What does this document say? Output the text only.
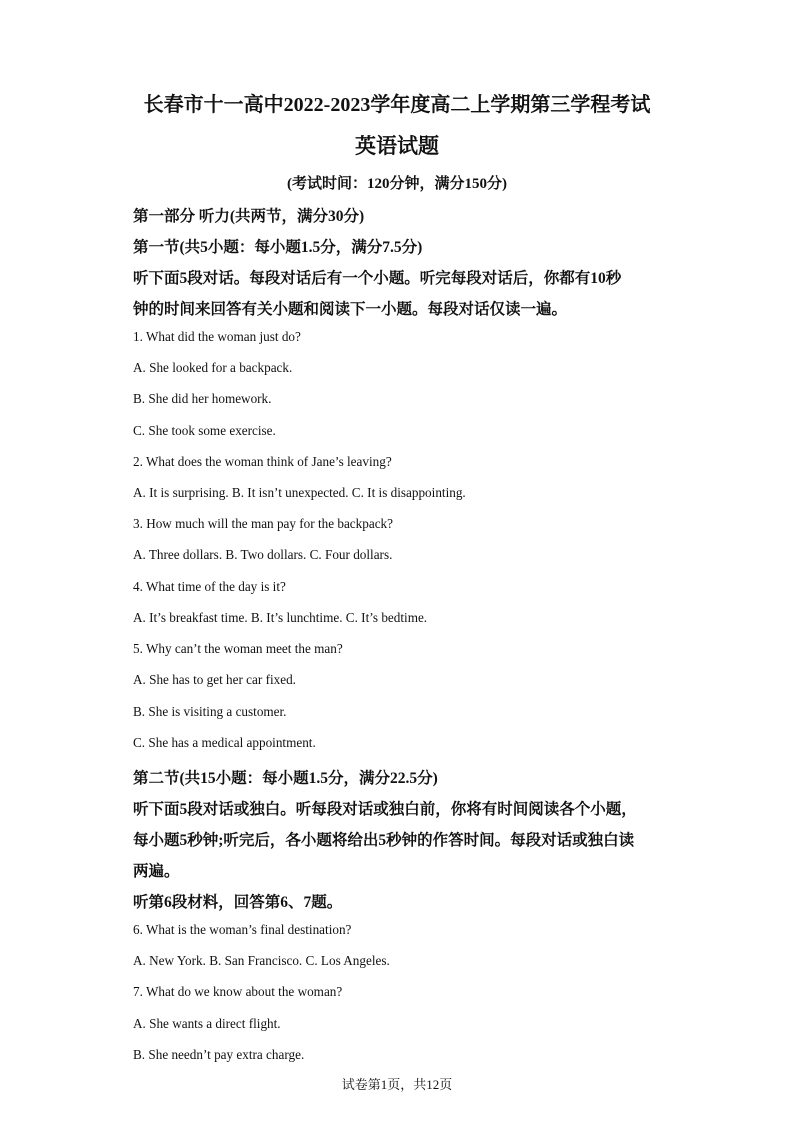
长春市十一高中2022-2023学年度高二上学期第三学程考试
英语试题
(考试时间：120分钟，满分150分)
第一部分 听力(共两节，满分30分)
第一节(共5小题：每小题1.5分，满分7.5分)
听下面5段对话。每段对话后有一个小题。听完每段对话后，你都有10秒
钟的时间来回答有关小题和阅读下一小题。每段对话仅读一遍。
1. What did the woman just do?
A. She looked for a backpack.
B. She did her homework.
C. She took some exercise.
2. What does the woman think of Jane’s leaving?
A. It is surprising. B. It isn’t unexpected. C. It is disappointing.
3. How much will the man pay for the backpack?
A. Three dollars. B. Two dollars. C. Four dollars.
4. What time of the day is it?
A. It’s breakfast time. B. It’s lunchtime. C. It’s bedtime.
5. Why can’t the woman meet the man?
A. She has to get her car fixed.
B. She is visiting a customer.
C. She has a medical appointment.
第二节(共15小题：每小题1.5分，满分22.5分)
听下面5段对话或独白。听每段对话或独白前，你将有时间阅读各个小题，
每小题5秒钟;听完后，各小题将给出5秒钟的作答时间。每段对话或独白读
两遍。
听第6段材料，回答第6、7题。
6. What is the woman’s final destination?
A. New York. B. San Francisco. C. Los Angeles.
7. What do we know about the woman?
A. She wants a direct flight.
B. She needn’t pay extra charge.
试卷第1页，共12页
